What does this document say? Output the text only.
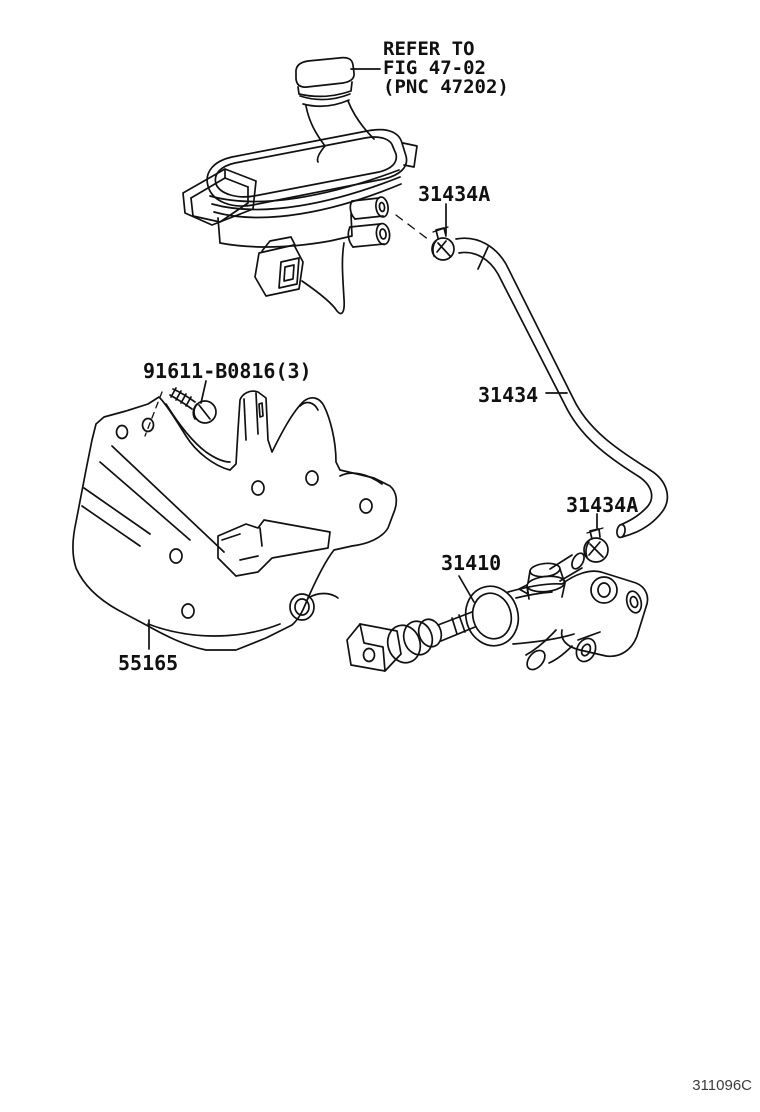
REFER TO
FIG 47-02
(PNC 47202)
31434A
31434
91611-B0816(3)
31434A
31410
55165
311096C
